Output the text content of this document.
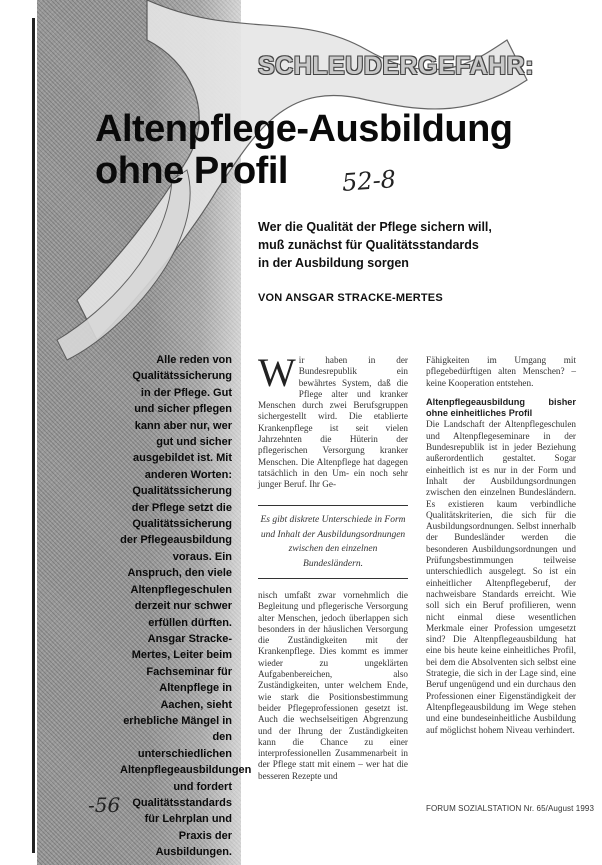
SCHLEUDERGEFAHR:
Altenpflege-Ausbildung
ohne Profil	52-8

Wer die Qualität der Pflege sichern will,
muß zunächst für Qualitätsstandards
in der Ausbildung sorgen

VON ANSGAR STRACKE-MERTES

Alle reden von Qualitätssicherung in der Pflege. Gut und sicher pflegen kann aber nur, wer gut und sicher ausgebildet ist. Mit anderen Worten: Qualitätssicherung der Pflege setzt die Qualitätssicherung der Pflegeausbildung voraus. Ein Anspruch, den viele Altenpflegeschulen derzeit nur schwer erfüllen dürften. Ansgar Stracke-Mertes, Leiter beim Fachseminar für Altenpflege in Aachen, sieht erhebliche Mängel in den unterschiedlichen Altenpflegeausbildungen und fordert Qualitätsstandards für Lehrplan und Praxis der Ausbildungen.

W ir haben in der Bundesrepublik ein bewährtes System, daß die Pflege alter und kranker Menschen durch zwei Berufsgruppen sichergestellt wird. Die etablierte Krankenpflege ist seit vielen Jahrzehnten die Hüterin der pflegerischen Versorgung kranker Menschen. Die Altenpflege hat dagegen tatsächlich in den Um- ein noch sehr junger Beruf. Ihr Ge-

Es gibt diskrete Unterschiede in Form und Inhalt der Ausbildungsordnungen zwischen den einzelnen Bundesländern.

nisch umfaßt zwar vornehmlich die Begleitung und pflegerische Versorgung alter Menschen, jedoch überlappen sich besonders in der häuslichen Versorgung die Zuständigkeiten mit der Krankenpflege. Dies kommt es immer wieder zu ungeklärten Aufgabenbereichen, also Zuständigkeiten, unter welchem Ende, wie stark die Positionsbestimmung beider Pflegeprofessionen gesetzt ist. Auch die wechselseitigen Abgrenzung und der Ihrung der Zuständigkeiten kann die Chance zu einer interprofessionellen Zusammenarbeit in der Pflege statt mit einem – wer hat die besseren Rezepte und

Fähigkeiten im Umgang mit pflegebedürftigen alten Menschen? – keine Kooperation entstehen.

Altenpflegeausbildung bisher ohne einheitliches Profil

Die Landschaft der Altenpflegeschulen und Altenpflegeseminare in der Bundesrepublik ist in jeder Beziehung außerordentlich gestaltet. Sogar einheitlich ist es nur in der Form und Inhalt der Ausbildungsordnungen zwischen den einzelnen Bundesländern. Es existieren kaum verbindliche Qualitätskriterien, die sich für die Ausbildungsordnungen. Selbst innerhalb der Bundesländer werden die besonderen Ausbildungsordnungen und Prüfungsbestimmungen teilweise unterschiedlich ausgelegt. So ist ein einheitlicher Altenpflegeberuf, der nachweisbare Standards erreicht. Wie soll sich ein Beruf profilieren, wenn nicht einmal diese wesentlichen Merkmale einer Profession umgesetzt sind? Die Altenpflegeausbildung hat eine bis heute keine einheitliches Profil, bei dem die Absolventen sich selbst eine Strategie, die sich in der Lage sind, eine Beruf ungenügend und ein durchaus den Professionen einer Eigenständigkeit der Altenpflegeausbildung im Wege stehen und eine bundeseinheitliche Ausbildung auf möglichst hohem Niveau verhindert.

-56	FORUM SOZIALSTATION Nr. 65/August 1993
